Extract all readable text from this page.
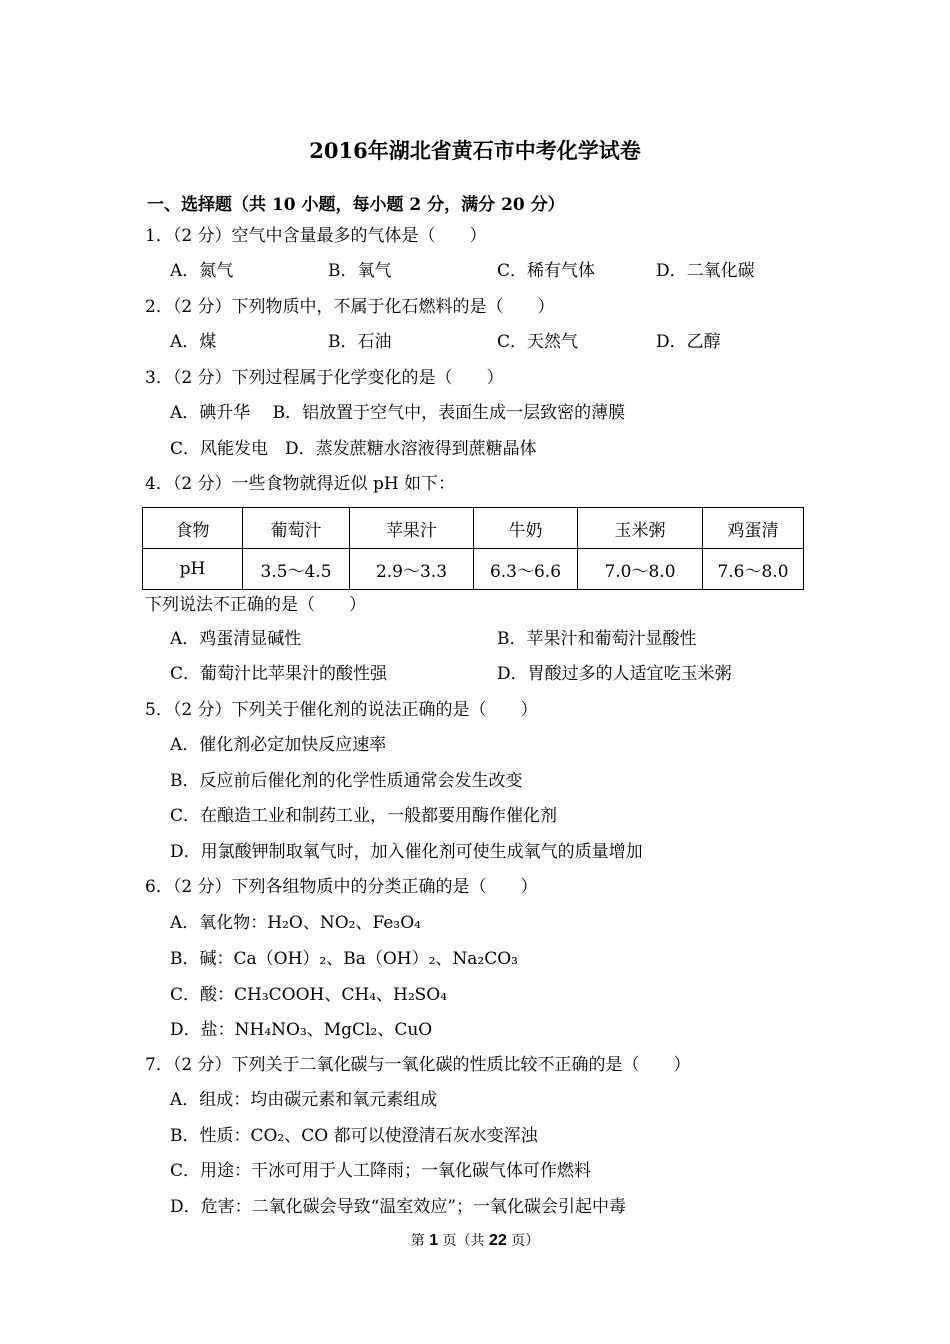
2016年湖北省黄石市中考化学试卷
一、选择题（共 10 小题，每小题 2 分，满分 20 分）
1．（2 分）空气中含量最多的气体是（　　）
A．氮气	B．氧气	C．稀有气体	D．二氧化碳
2．（2 分）下列物质中，不属于化石燃料的是（　　）
A．煤	B．石油	C．天然气	D．乙醇
3．（2 分）下列过程属于化学变化的是（　　）
A．碘升华　 B．铝放置于空气中，表面生成一层致密的薄膜
C．风能发电　D．蒸发蔗糖水溶液得到蔗糖晶体
4．（2 分）一些食物就得近似 pH 如下：
食物	葡萄汁	苹果汁	牛奶	玉米粥	鸡蛋清
pH	3.5～4.5	2.9～3.3	6.3～6.6	7.0～8.0	7.6～8.0
下列说法不正确的是（　　）
A．鸡蛋清显碱性	B．苹果汁和葡萄汁显酸性
C．葡萄汁比苹果汁的酸性强	D．胃酸过多的人适宜吃玉米粥
5．（2 分）下列关于催化剂的说法正确的是（　　）
A．催化剂必定加快反应速率
B．反应前后催化剂的化学性质通常会发生改变
C．在酿造工业和制药工业，一般都要用酶作催化剂
D．用氯酸钾制取氧气时，加入催化剂可使生成氧气的质量增加
6．（2 分）下列各组物质中的分类正确的是（　　）
A．氧化物：H₂O、NO₂、Fe₃O₄
B．碱：Ca（OH）₂、Ba（OH）₂、Na₂CO₃
C．酸：CH₃COOH、CH₄、H₂SO₄
D．盐：NH₄NO₃、MgCl₂、CuO
7．（2 分）下列关于二氧化碳与一氧化碳的性质比较不正确的是（　　）
A．组成：均由碳元素和氧元素组成
B．性质：CO₂、CO 都可以使澄清石灰水变浑浊
C．用途：干冰可用于人工降雨；一氧化碳气体可作燃料
D．危害：二氧化碳会导致“温室效应”；一氧化碳会引起中毒
第 1 页（共 22 页）
